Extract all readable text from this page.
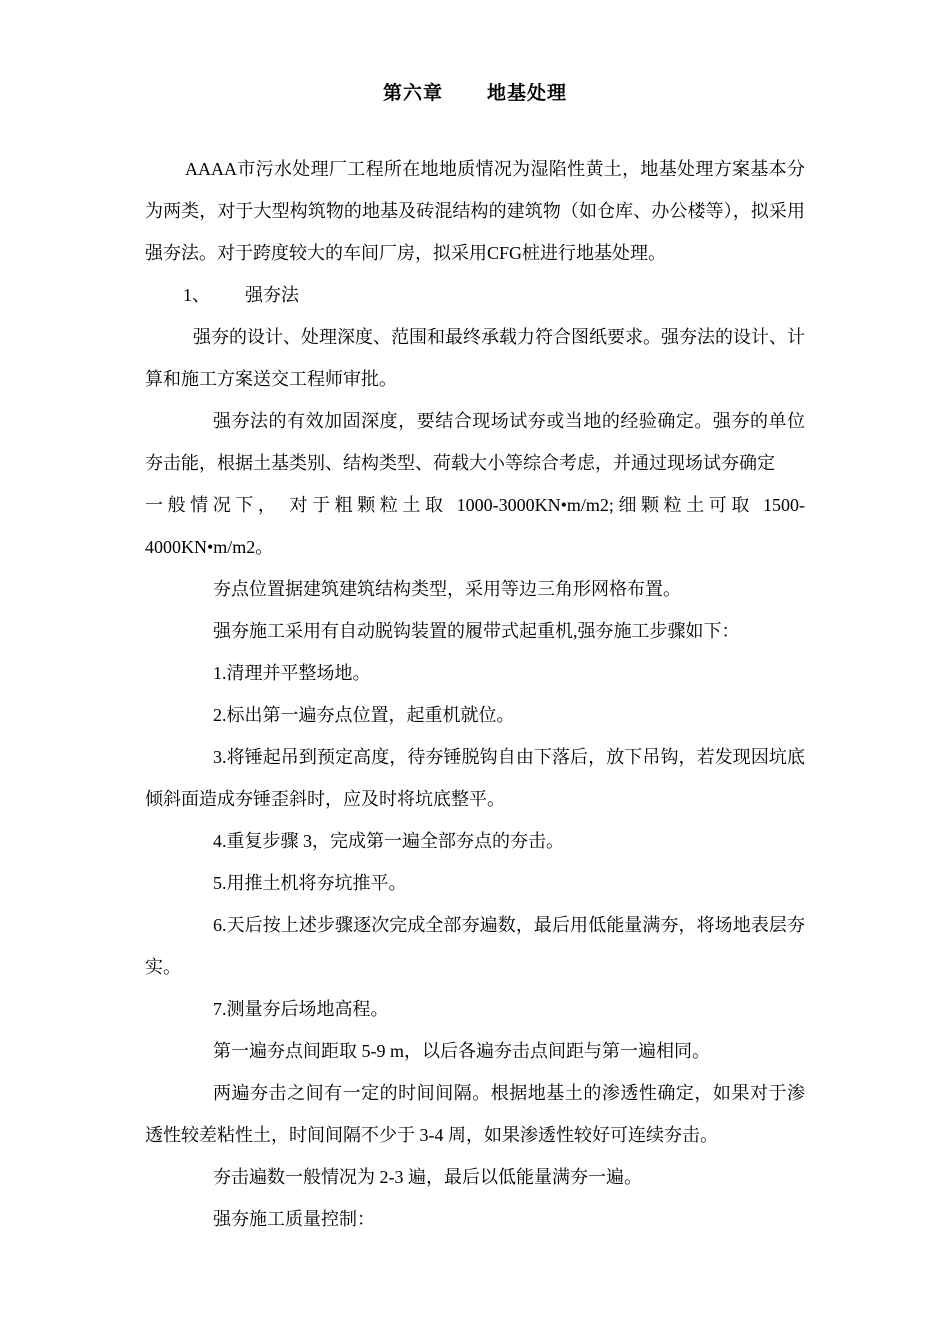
第六章 地基处理

AAAA市污水处理厂工程所在地地质情况为湿陷性黄土，地基处理方案基本分为两类，对于大型构筑物的地基及砖混结构的建筑物（如仓库、办公楼等），拟采用强夯法。对于跨度较大的车间厂房，拟采用CFG桩进行地基处理。

1、 强夯法

强夯的设计、处理深度、范围和最终承载力符合图纸要求。强夯法的设计、计算和施工方案送交工程师审批。

强夯法的有效加固深度，要结合现场试夯或当地的经验确定。强夯的单位夯击能，根据土基类别、结构类型、荷载大小等综合考虑，并通过现场试夯确定

一般情况下， 对于粗颗粒土取 1000-3000KN•m/m2;细颗粒土可取 1500-

4000KN•m/m2。

夯点位置据建筑建筑结构类型，采用等边三角形网格布置。

强夯施工采用有自动脱钩装置的履带式起重机,强夯施工步骤如下：

1.清理并平整场地。

2.标出第一遍夯点位置，起重机就位。

3.将锤起吊到预定高度，待夯锤脱钩自由下落后，放下吊钩，若发现因坑底倾斜面造成夯锤歪斜时，应及时将坑底整平。

4.重复步骤 3，完成第一遍全部夯点的夯击。

5.用推土机将夯坑推平。

6.天后按上述步骤逐次完成全部夯遍数，最后用低能量满夯，将场地表层夯实。

7.测量夯后场地高程。

第一遍夯点间距取 5-9 m，以后各遍夯击点间距与第一遍相同。

两遍夯击之间有一定的时间间隔。根据地基土的渗透性确定，如果对于渗透性较差粘性土，时间间隔不少于 3-4 周，如果渗透性较好可连续夯击。

夯击遍数一般情况为 2-3 遍，最后以低能量满夯一遍。

强夯施工质量控制：
